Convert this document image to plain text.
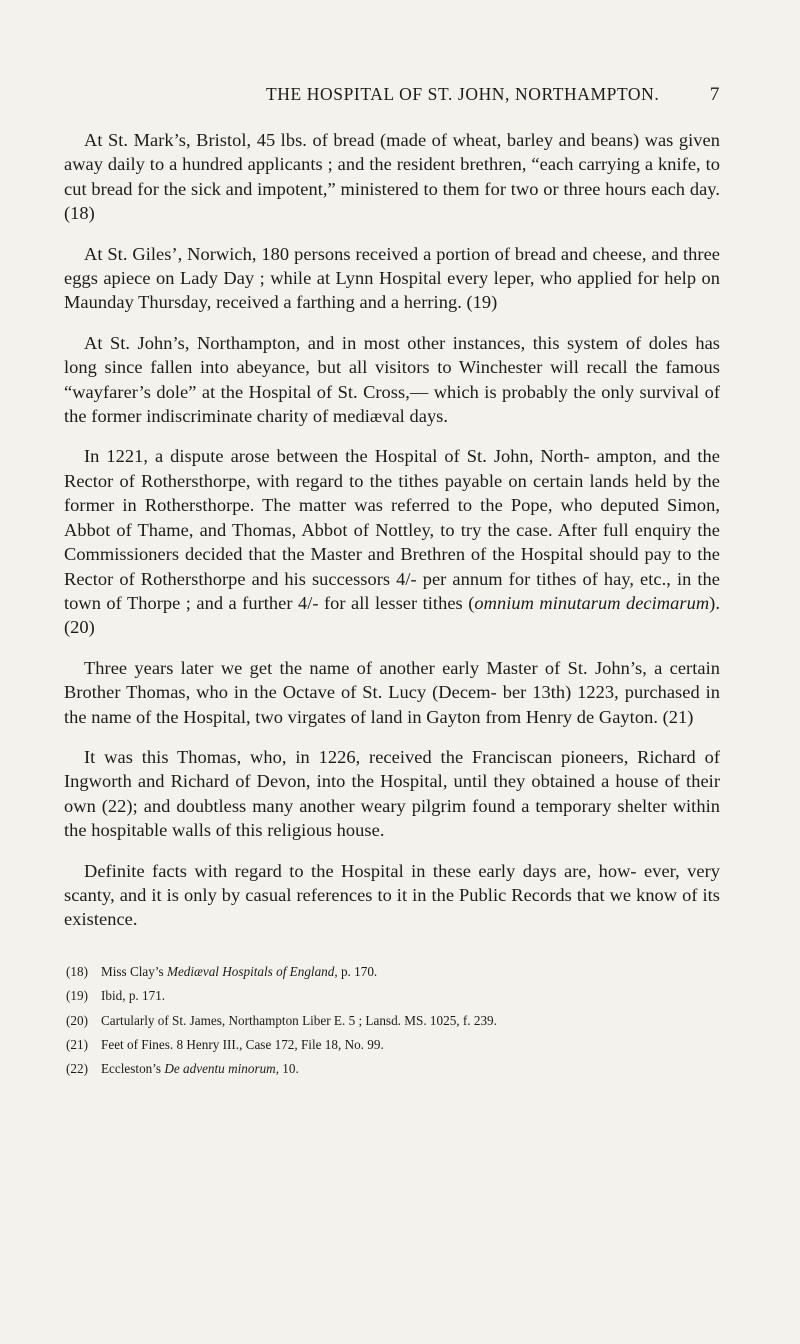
THE HOSPITAL OF ST. JOHN, NORTHAMPTON.	7

At St. Mark’s, Bristol, 45 lbs. of bread (made of wheat, barley and beans) was given away daily to a hundred applicants ; and the resident brethren, “each carrying a knife, to cut bread for the sick and impotent,” ministered to them for two or three hours each day. (18)

At St. Giles’, Norwich, 180 persons received a portion of bread and cheese, and three eggs apiece on Lady Day ; while at Lynn Hospital every leper, who applied for help on Maunday Thursday, received a farthing and a herring. (19)

At St. John’s, Northampton, and in most other instances, this system of doles has long since fallen into abeyance, but all visitors to Winchester will recall the famous “wayfarer’s dole” at the Hospital of St. Cross,— which is probably the only survival of the former indiscriminate charity of mediæval days.

In 1221, a dispute arose between the Hospital of St. John, North- ampton, and the Rector of Rothersthorpe, with regard to the tithes payable on certain lands held by the former in Rothersthorpe. The matter was referred to the Pope, who deputed Simon, Abbot of Thame, and Thomas, Abbot of Nottley, to try the case. After full enquiry the Commissioners decided that the Master and Brethren of the Hospital should pay to the Rector of Rothersthorpe and his successors 4/- per annum for tithes of hay, etc., in the town of Thorpe ; and a further 4/- for all lesser tithes (omnium minutarum decimarum). (20)

Three years later we get the name of another early Master of St. John’s, a certain Brother Thomas, who in the Octave of St. Lucy (Decem- ber 13th) 1223, purchased in the name of the Hospital, two virgates of land in Gayton from Henry de Gayton. (21)

It was this Thomas, who, in 1226, received the Franciscan pioneers, Richard of Ingworth and Richard of Devon, into the Hospital, until they obtained a house of their own (22); and doubtless many another weary pilgrim found a temporary shelter within the hospitable walls of this religious house.

Definite facts with regard to the Hospital in these early days are, how- ever, very scanty, and it is only by casual references to it in the Public Records that we know of its existence.

(18) Miss Clay’s Mediæval Hospitals of England, p. 170.
(19) Ibid, p. 171.
(20) Cartularly of St. James, Northampton Liber E. 5 ; Lansd. MS. 1025, f. 239.
(21) Feet of Fines. 8 Henry III., Case 172, File 18, No. 99.
(22) Eccleston’s De adventu minorum, 10.
